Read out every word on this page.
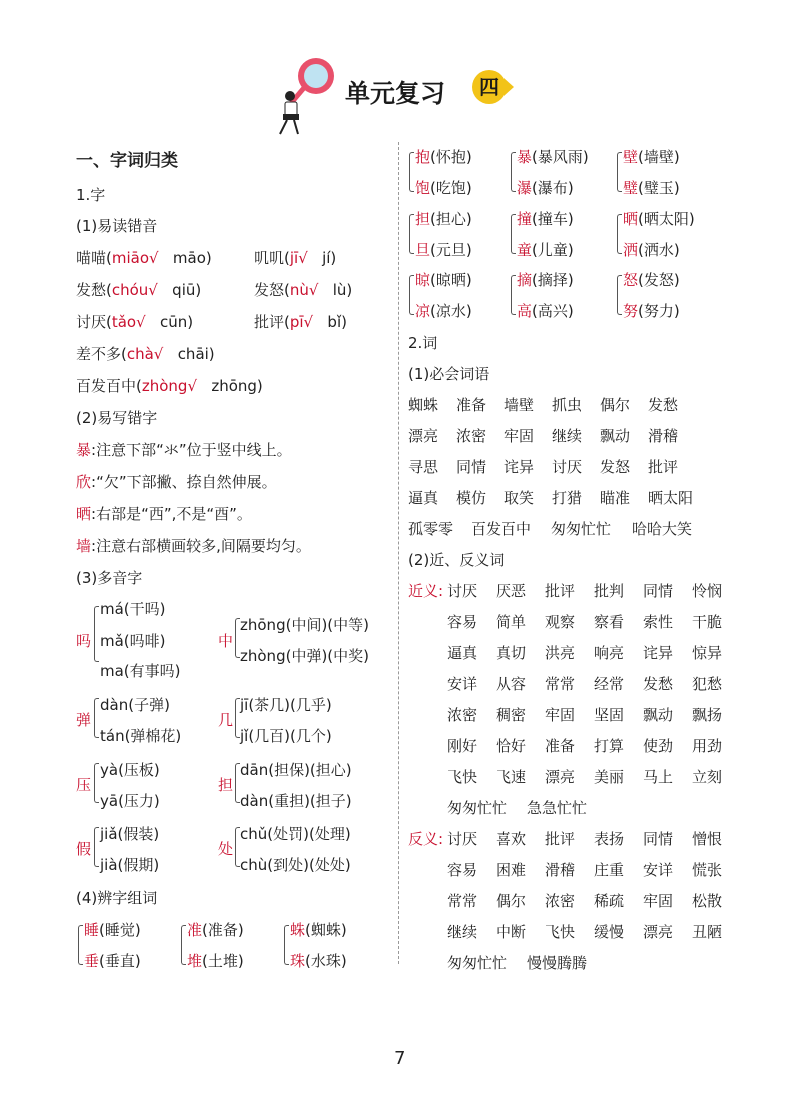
单元复习	四
一、字词归类
1.字
(1)易读错音
喵喵(miāo√ māo)	叽叽(jī√ jí)
发愁(chóu√ qiū)	发怒(nù√ lù)
讨厌(tǎo√ cūn)	批评(pī√ bǐ)
差不多(chà√ chāi)
百发百中(zhòng√ zhōng)
(2)易写错字
暴:注意下部“氺”位于竖中线上。
欣:“欠”下部撇、捺自然伸展。
晒:右部是“西”,不是“酉”。
墙:注意右部横画较多,间隔要均匀。
(3)多音字
吗
má(干吗)
mǎ(吗啡)
ma(有事吗)
中
zhōng(中间)(中等)
zhòng(中弹)(中奖)
弹
dàn(子弹)
tán(弹棉花)
几
jī(茶几)(几乎)
jǐ(几百)(几个)
压
yà(压板)
yā(压力)
担
dān(担保)(担心)
dàn(重担)(担子)
假
jiǎ(假装)
jià(假期)
处
chǔ(处罚)(处理)
chù(到处)(处处)
(4)辨字组词
睡(睡觉)
垂(垂直)
准(准备)
堆(土堆)
蛛(蜘蛛)
珠(水珠)
抱(怀抱)
饱(吃饱)
暴(暴风雨)
瀑(瀑布)
壁(墙壁)
璧(璧玉)
担(担心)
旦(元旦)
撞(撞车)
童(儿童)
晒(晒太阳)
洒(洒水)
晾(晾晒)
凉(凉水)
摘(摘择)
高(高兴)
怒(发怒)
努(努力)
2.词
(1)必会词语
蜘蛛 准备 墙壁 抓虫 偶尔 发愁
漂亮 浓密 牢固 继续 飘动 滑稽
寻思 同情 诧异 讨厌 发怒 批评
逼真 模仿 取笑 打猎 瞄准 晒太阳
孤零零 百发百中 匆匆忙忙 哈哈大笑
(2)近、反义词
近义: 讨厌 厌恶 批评 批判 同情 怜悯
容易 简单 观察 察看 索性 干脆
逼真 真切 洪亮 响亮 诧异 惊异
安详 从容 常常 经常 发愁 犯愁
浓密 稠密 牢固 坚固 飘动 飘扬
刚好 恰好 准备 打算 使劲 用劲
飞快 飞速 漂亮 美丽 马上 立刻
匆匆忙忙 急急忙忙
反义: 讨厌 喜欢 批评 表扬 同情 憎恨
容易 困难 滑稽 庄重 安详 慌张
常常 偶尔 浓密 稀疏 牢固 松散
继续 中断 飞快 缓慢 漂亮 丑陋
匆匆忙忙 慢慢腾腾
7
